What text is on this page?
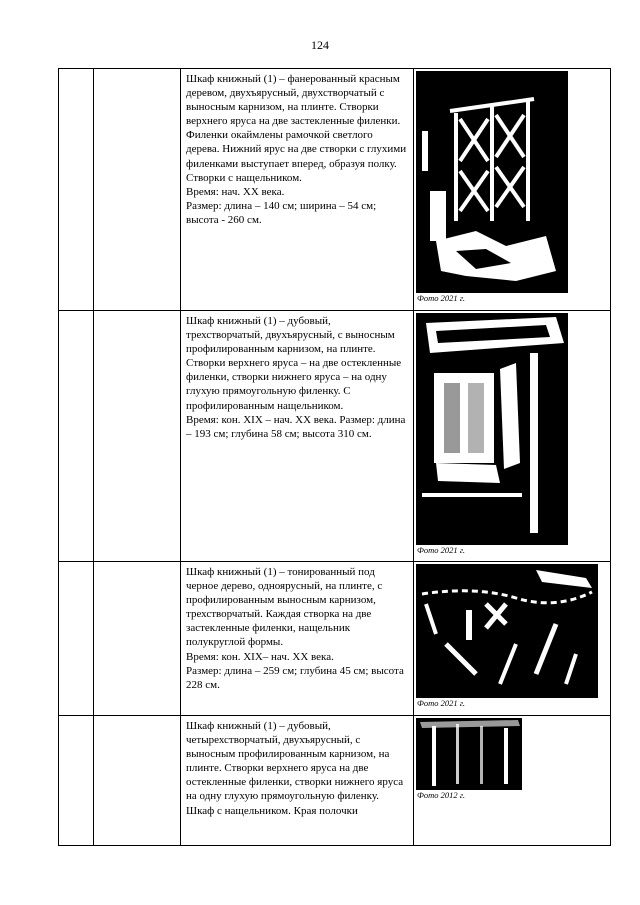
124

		Шкаф книжный (1) – фанерованный красным деревом, двухъярусный, двухстворчатый с выносным карнизом, на плинте. Створки верхнего яруса на две застекленные филенки. Филенки окаймлены рамочкой светлого дерева. Нижний ярус на две створки с глухими филенками выступает вперед, образуя полку. Створки с нащельником.

Время: нач. XX века.

Размер: длина – 140 см; ширина – 54 см; высота - 260 см.	Фото 2021 г.

		Шкаф книжный (1) – дубовый, трехстворчатый, двухъярусный, с выносным профилированным карнизом, на плинте. Створки верхнего яруса – на две остекленные филенки, створки нижнего яруса – на одну глухую прямоугольную филенку. С профилированным нащельником.

Время: кон. XIX – нач. XX века. Размер: длина – 193 см; глубина 58 см; высота 310 см.	Фото 2021 г.

		Шкаф книжный (1) – тонированный под черное дерево, одноярусный, на плинте, с профилированным выносным карнизом, трехстворчатый. Каждая створка на две застекленные филенки, нащельник полукруглой формы.

Время: кон. XIX– нач. XX века.

Размер: длина – 259 см; глубина 45 см; высота 228 см.	Фото 2021 г.

		Шкаф книжный (1) – дубовый, четырехстворчатый, двухъярусный, с выносным профилированным карнизом, на плинте. Створки верхнего яруса на две остекленные филенки, створки нижнего яруса на одну глухую прямоугольную филенку. Шкаф с нащельником. Края полочки	Фото 2012 г.
